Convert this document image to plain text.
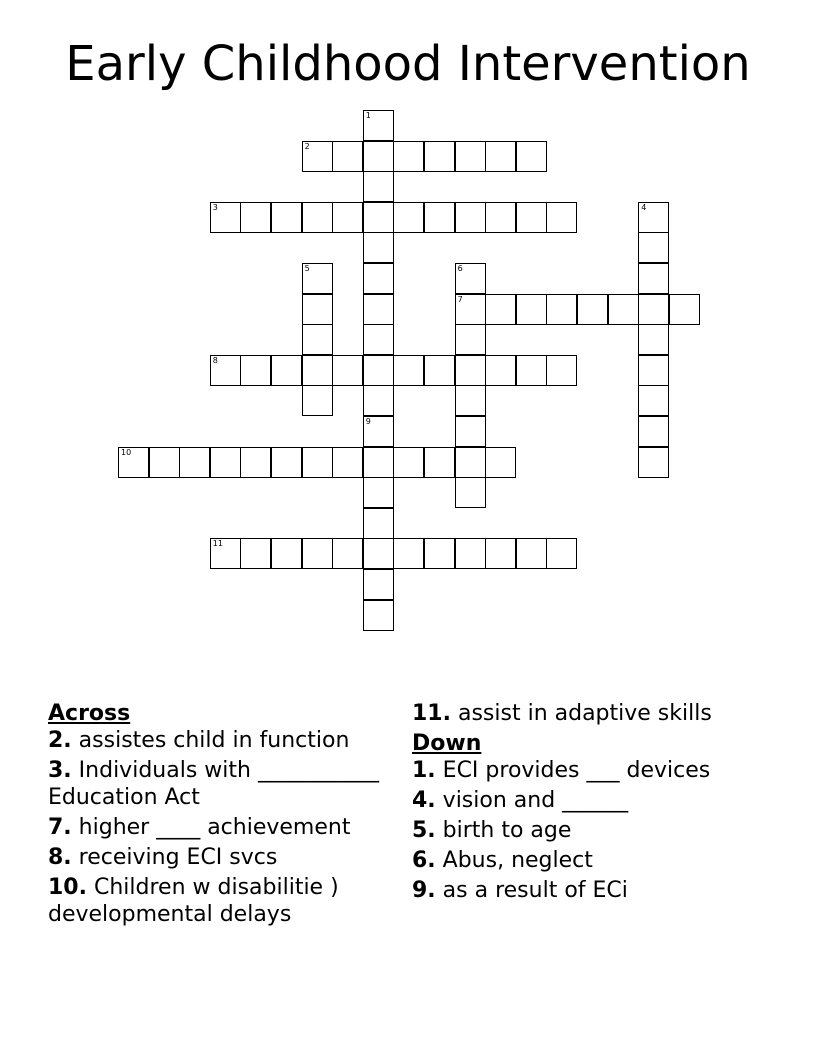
Early Childhood Intervention
1
9
2
3	4
5	6
7
8
10
11
Across
2. assistes child in function
3. Individuals with ___________ Education Act
7. higher ____ achievement
8. receiving ECI svcs
10. Children w disabilitie ) developmental delays
11. assist in adaptive skills
Down
1. ECI provides ___ devices
4. vision and ______
5. birth to age
6. Abus, neglect
9. as a result of ECi
